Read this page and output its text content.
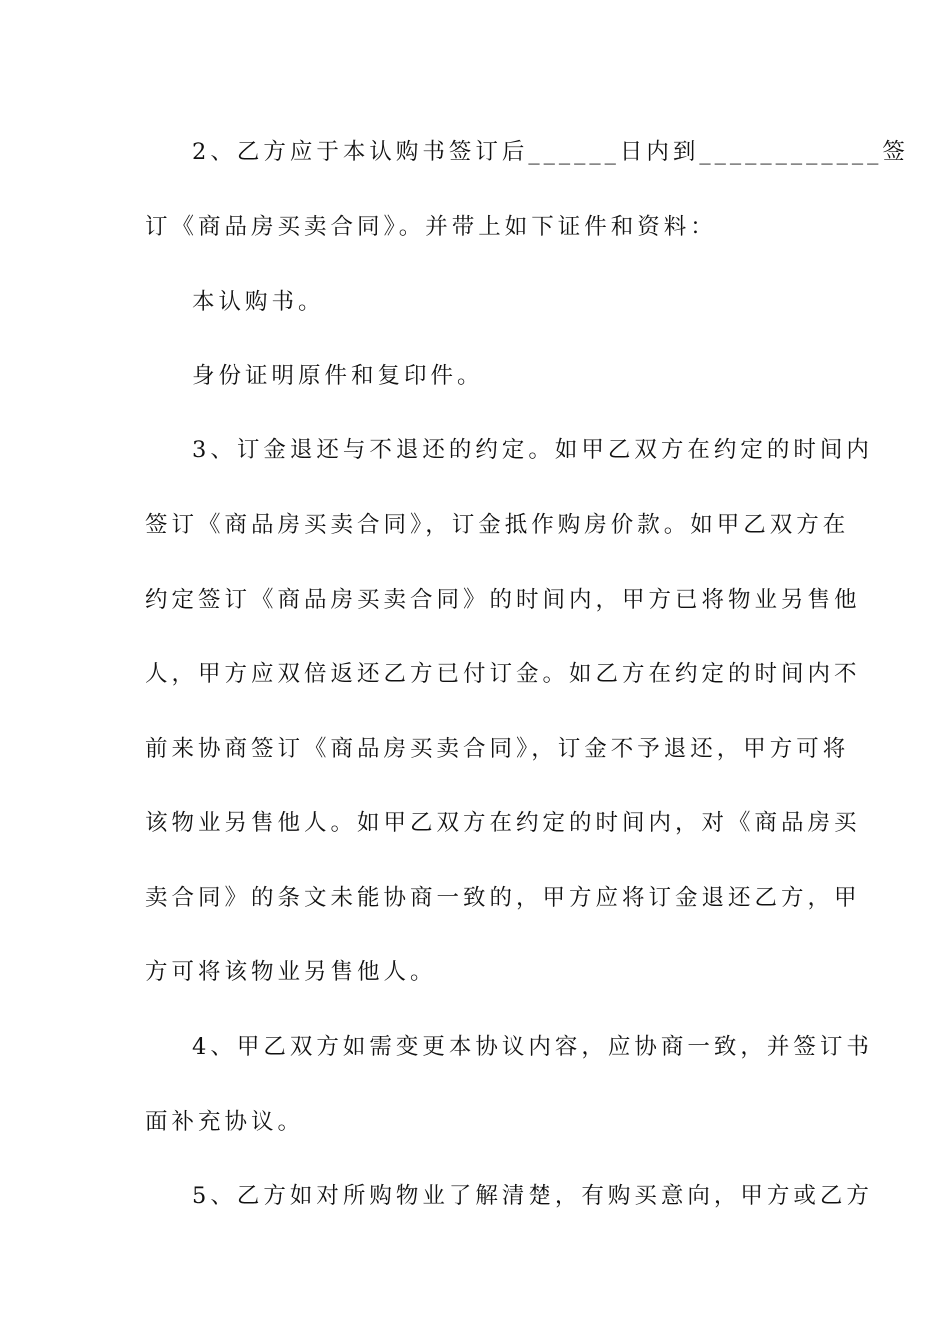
2、乙方应于本认购书签订后______日内到____________签

订《商品房买卖合同》。并带上如下证件和资料：

本认购书。

身份证明原件和复印件。

3、订金退还与不退还的约定。如甲乙双方在约定的时间内

签订《商品房买卖合同》，订金抵作购房价款。如甲乙双方在

约定签订《商品房买卖合同》的时间内，甲方已将物业另售他

人，甲方应双倍返还乙方已付订金。如乙方在约定的时间内不

前来协商签订《商品房买卖合同》，订金不予退还，甲方可将

该物业另售他人。如甲乙双方在约定的时间内，对《商品房买

卖合同》的条文未能协商一致的，甲方应将订金退还乙方，甲

方可将该物业另售他人。

4、甲乙双方如需变更本协议内容，应协商一致，并签订书

面补充协议。

5、乙方如对所购物业了解清楚，有购买意向，甲方或乙方
